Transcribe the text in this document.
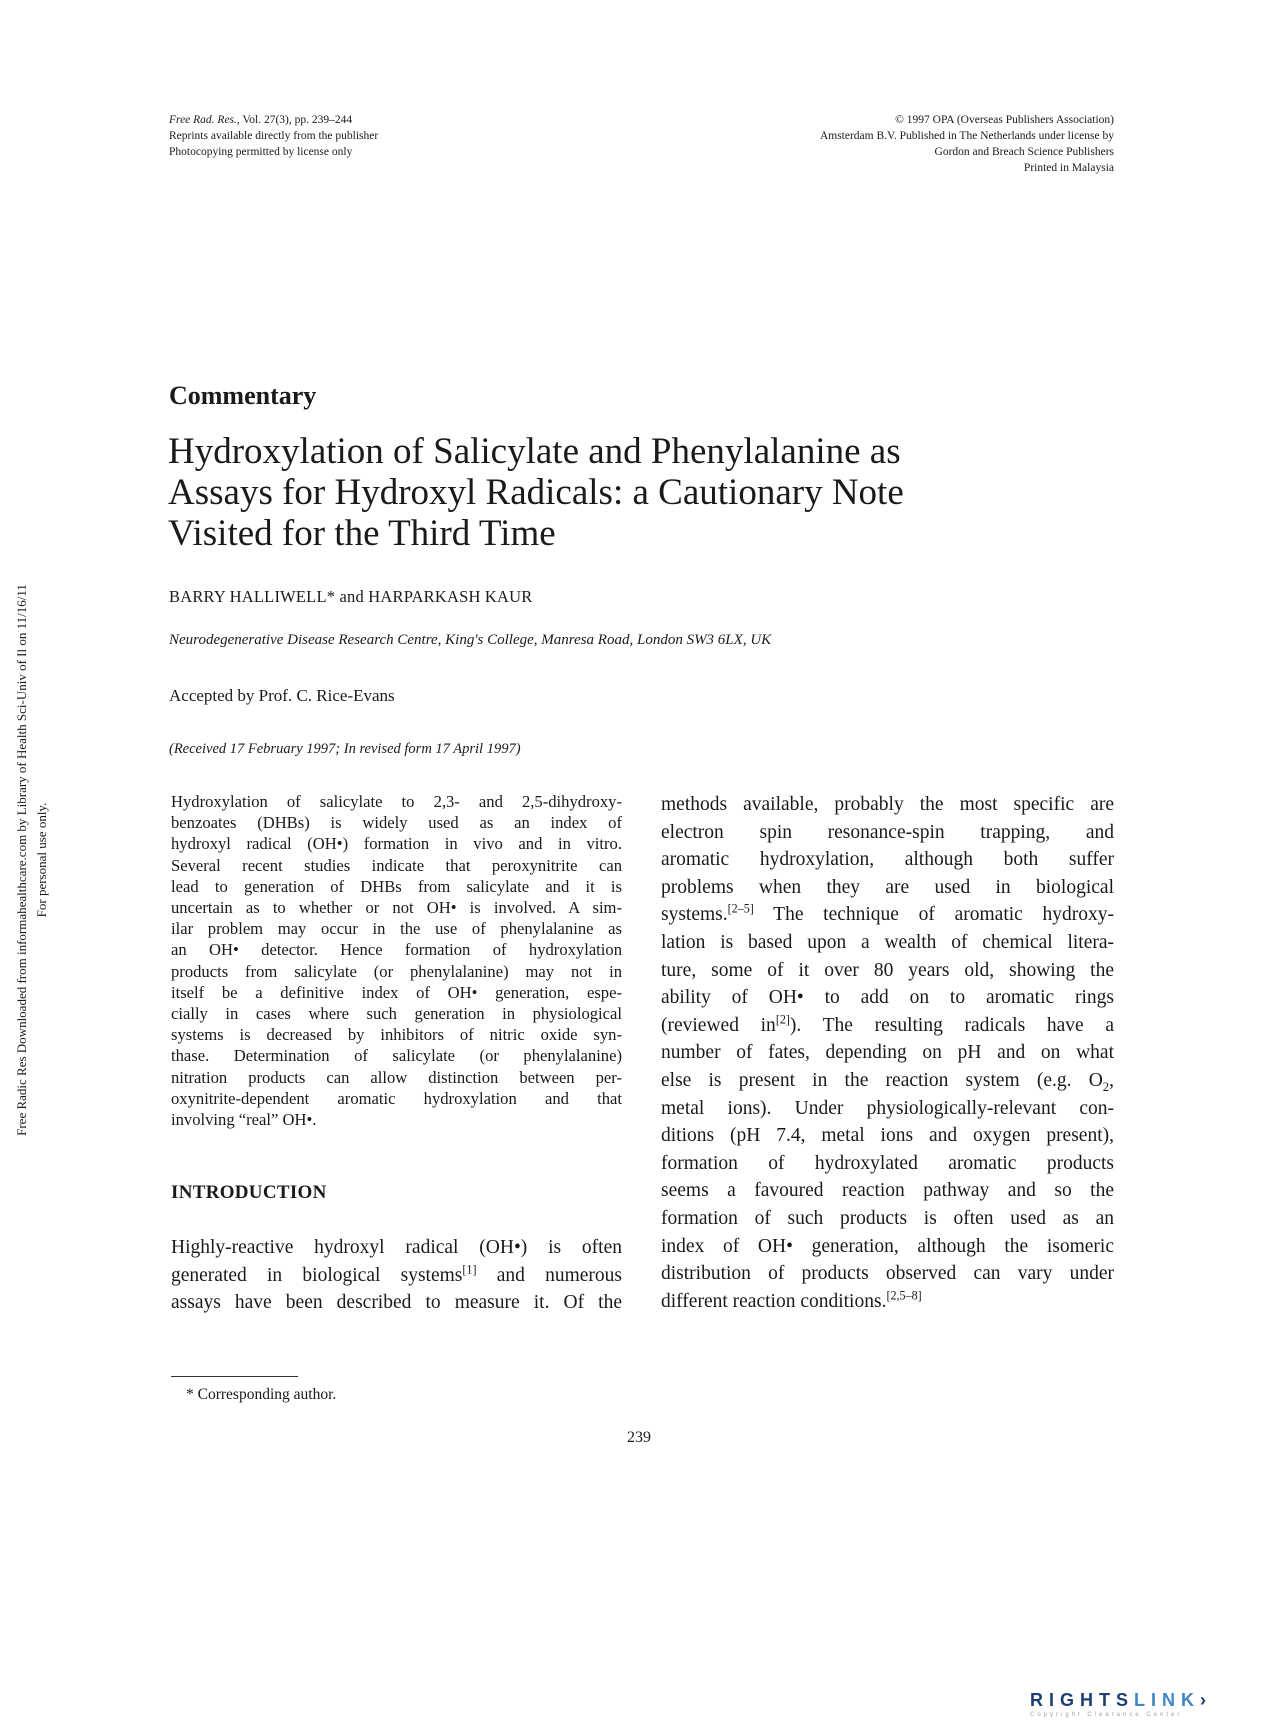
Free Rad. Res., Vol. 27(3), pp. 239–244
Reprints available directly from the publisher
Photocopying permitted by license only
© 1997 OPA (Overseas Publishers Association)
Amsterdam B.V. Published in The Netherlands under license by
Gordon and Breach Science Publishers
Printed in Malaysia
Free Radic Res Downloaded from informahealthcare.com by Library of Health Sci-Univ of Il on 11/16/11 For personal use only.
Commentary
Hydroxylation of Salicylate and Phenylalanine as
Assays for Hydroxyl Radicals: a Cautionary Note
Visited for the Third Time
BARRY HALLIWELL* and HARPARKASH KAUR
Neurodegenerative Disease Research Centre, King's College, Manresa Road, London SW3 6LX, UK
Accepted by Prof. C. Rice-Evans
(Received 17 February 1997; In revised form 17 April 1997)
Hydroxylation of salicylate to 2,3- and 2,5-dihydroxy-
benzoates (DHBs) is widely used as an index of
hydroxyl radical (OH•) formation in vivo and in vitro.
Several recent studies indicate that peroxynitrite can
lead to generation of DHBs from salicylate and it is
uncertain as to whether or not OH• is involved. A sim-
ilar problem may occur in the use of phenylalanine as
an OH• detector. Hence formation of hydroxylation
products from salicylate (or phenylalanine) may not in
itself be a definitive index of OH• generation, espe-
cially in cases where such generation in physiological
systems is decreased by inhibitors of nitric oxide syn-
thase. Determination of salicylate (or phenylalanine)
nitration products can allow distinction between per-
oxynitrite-dependent aromatic hydroxylation and that
involving “real” OH•.
INTRODUCTION
Highly-reactive hydroxyl radical (OH•) is often
generated in biological systems[1] and numerous
assays have been described to measure it. Of the
methods available, probably the most specific are
electron spin resonance-spin trapping, and
aromatic hydroxylation, although both suffer
problems when they are used in biological
systems.[2–5] The technique of aromatic hydroxy-
lation is based upon a wealth of chemical litera-
ture, some of it over 80 years old, showing the
ability of OH• to add on to aromatic rings
(reviewed in[2]). The resulting radicals have a
number of fates, depending on pH and on what
else is present in the reaction system (e.g. $O_2$,
metal ions). Under physiologically-relevant con-
ditions (pH 7.4, metal ions and oxygen present),
formation of hydroxylated aromatic products
seems a favoured reaction pathway and so the
formation of such products is often used as an
index of OH• generation, although the isomeric
distribution of products observed can vary under
different reaction conditions.[2,5–8]
* Corresponding author.
239
RIGHTSLINK›
Copyright Clearance Center
